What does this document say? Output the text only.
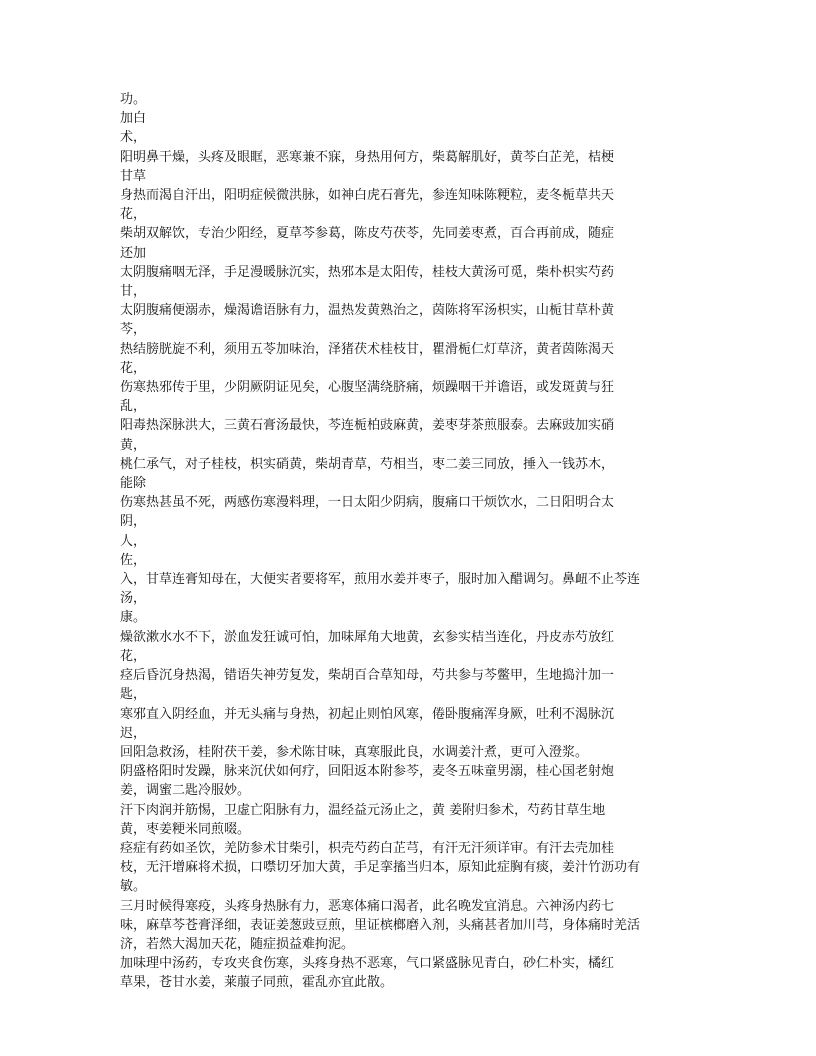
功。
加白
术，
阳明鼻干燥，头疼及眼眶，恶寒兼不寐，身热用何方，柴葛解肌好，黄芩白芷羌，桔梗
甘草
身热而渴自汗出，阳明症候微洪脉，如神白虎石膏先，参连知味陈粳粒，麦冬栀草共天
花，
柴胡双解饮，专治少阳经，夏草芩参葛，陈皮芍茯苓，先同姜枣煮，百合再前成，随症
还加
太阴腹痛咽无泽，手足漫暖脉沉实，热邪本是太阳传，桂枝大黄汤可觅，柴朴枳实芍药
甘，
太阴腹痛便溺赤，燥渴谵语脉有力，温热发黄熟治之，茵陈将军汤枳实，山栀甘草朴黄
芩，
热结膀胱旋不利，须用五苓加味治，泽猪茯术桂枝甘，瞿滑栀仁灯草济，黄者茵陈渴天
花，
伤寒热邪传于里，少阴厥阴证见矣，心腹坚满绕脐痛，烦躁咽干并谵语，或发斑黄与狂
乱，
阳毒热深脉洪大，三黄石膏汤最快，芩连栀柏豉麻黄，姜枣芽茶煎服泰。去麻豉加实硝
黄，
桃仁承气，对子桂枝，枳实硝黄，柴胡青草，芍相当，枣二姜三同放，捶入一钱苏木，
能除
伤寒热甚虽不死，两感伤寒漫料理，一日太阳少阴病，腹痛口干烦饮水，二日阳明合太
阴，
人，
佐，
入，甘草连膏知母在，大便实者要将军，煎用水姜并枣子，服时加入醋调匀。鼻衄不止芩连
汤，
康。
燥欲漱水水不下，淤血发狂诚可怕，加味犀角大地黄，玄参实桔当连化，丹皮赤芍放红
花，
痉后昏沉身热渴，错语失神劳复发，柴胡百合草知母，芍共参与芩鳖甲，生地捣汁加一
匙，
寒邪直入阴经血，并无头痛与身热，初起止则怕风寒，倦卧腹痛浑身厥，吐利不渴脉沉
迟，
回阳急救汤，桂附茯干姜，参术陈甘味，真寒服此良，水调姜汁煮，更可入澄浆。
阴盛格阳时发躁，脉来沉伏如何疗，回阳返本附参芩，麦冬五味童男溺，桂心国老射炮
姜，调蜜二匙冷服妙。
汗下肉润并筋惕，卫虚亡阳脉有力，温经益元汤止之，黄 姜附归参术，芍药甘草生地
黄，枣姜粳米同煎啜。
痉症有药如圣饮，羌防参术甘柴引，枳壳芍药白芷芎，有汗无汗须详审。有汗去壳加桂
枝，无汗增麻将术损，口噤切牙加大黄，手足挛搐当归本，原知此症胸有痰，姜汁竹沥功有
敏。
三月时候得寒疫，头疼身热脉有力，恶寒体痛口渴者，此名晚发宜消息。六神汤内药七
味，麻草芩苍膏泽细，表证姜葱豉豆煎，里证槟榔磨入剂，头痛甚者加川芎，身体痛时羌活
济，若然大渴加天花，随症损益难拘泥。
加味理中汤药，专攻夹食伤寒，头疼身热不恶寒，气口紧盛脉见青白，砂仁朴实，橘红
草果，苍甘水姜，莱菔子同煎，霍乱亦宜此散。
